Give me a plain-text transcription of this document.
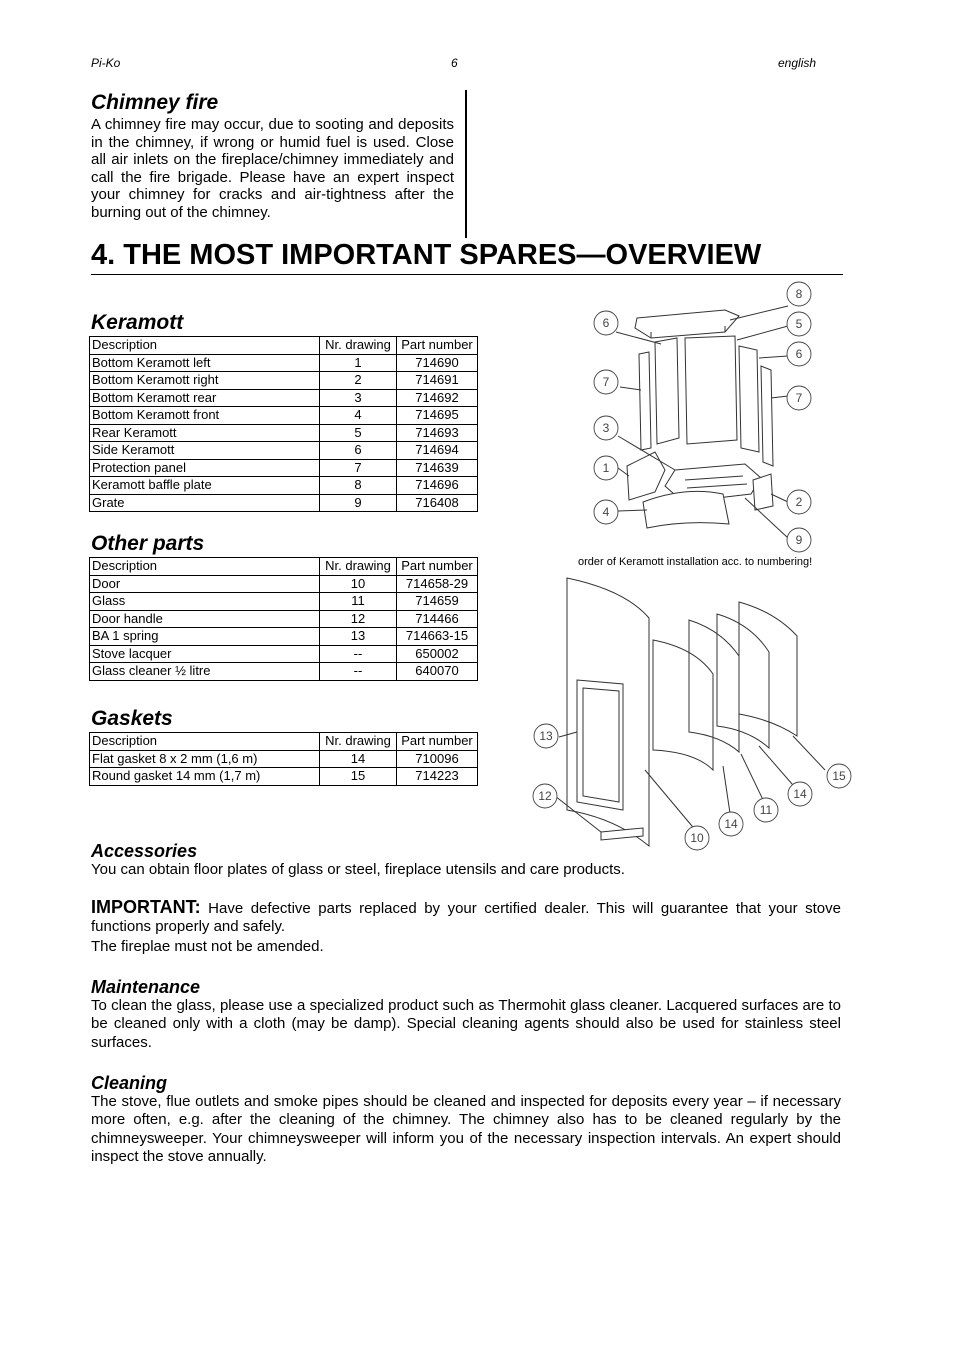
Pi-Ko	6	english
Chimney fire

A chimney fire may occur, due to sooting and deposits in the chimney, if wrong or humid fuel is used. Close all air inlets on the fireplace/chimney immediately and call the fire brigade. Please have an expert inspect your chimney for cracks and air-tightness after the burning out of the chimney.

4. THE MOST IMPORTANT SPARES—OVERVIEW
Keramott
Description	Nr. drawing	Part number
Bottom Keramott left	1	714690
Bottom Keramott right	2	714691
Bottom Keramott rear	3	714692
Bottom Keramott front	4	714695
Rear Keramott	5	714693
Side Keramott	6	714694
Protection panel	7	714639
Keramott baffle plate	8	714696
Grate	9	716408
Other parts
Description	Nr. drawing	Part number
Door	10	714658-29
Glass	11	714659
Door handle	12	714466
BA 1 spring	13	714663-15
Stove lacquer	--	650002
Glass cleaner ½ litre	--	640070
Gaskets
Description	Nr. drawing	Part number
Flat gasket 8 x 2 mm (1,6 m)	14	710096
Round gasket 14 mm (1,7 m)	15	714223
8
6	5
6
7
7
3
1
2
4
9
order of Keramott installation acc. to numbering!
13
15
14
12
11
14
10
Accessories
You can obtain floor plates of glass or steel, fireplace utensils and care products.
IMPORTANT: Have defective parts replaced by your certified dealer. This will guarantee that your stove functions properly and safely.
The fireplae must not be amended.
Maintenance
To clean the glass, please use a specialized product such as Thermohit glass cleaner. Lacquered surfaces are to be cleaned only with a cloth (may be damp). Special cleaning agents should also be used for stainless steel surfaces.
Cleaning
The stove, flue outlets and smoke pipes should be cleaned and inspected for deposits every year – if necessary more often, e.g. after the cleaning of the chimney. The chimney also has to be cleaned regularly by the chimneysweeper. Your chimneysweeper will inform you of the necessary inspection intervals. An expert should inspect the stove annually.
